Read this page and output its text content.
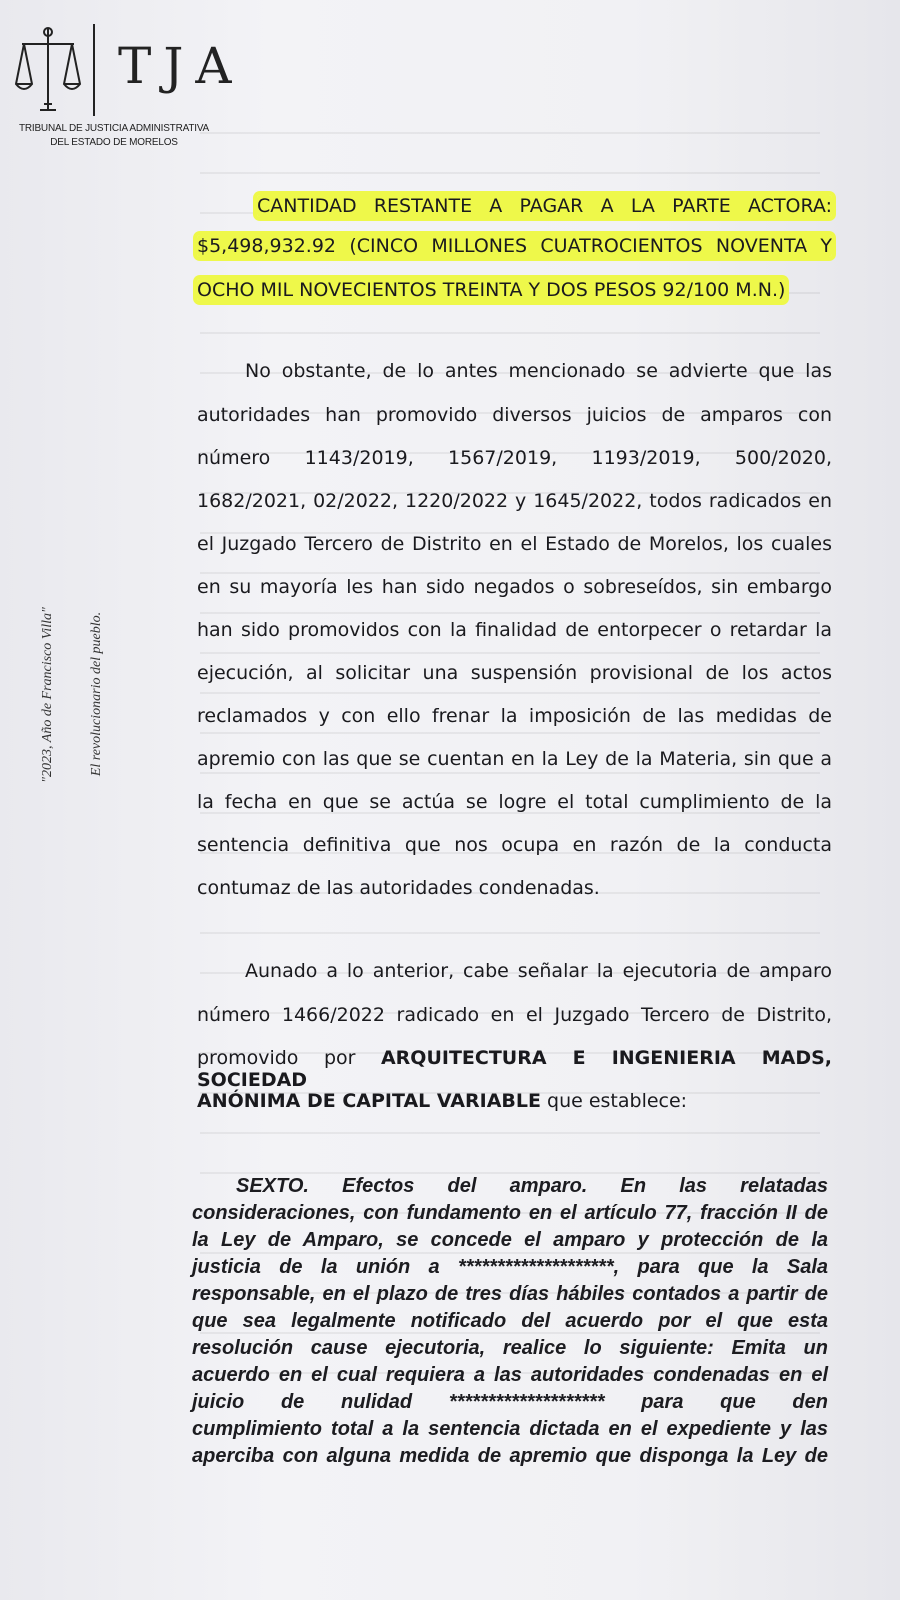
TJA
TRIBUNAL DE JUSTICIA ADMINISTRATIVA
DEL ESTADO DE MORELOS
"2023, Año de Francisco Villa" El revolucionario del pueblo.
CANTIDAD RESTANTE A PAGAR A LA PARTE ACTORA:
$5,498,932.92 (CINCO MILLONES CUATROCIENTOS NOVENTA Y
OCHO MIL NOVECIENTOS TREINTA Y DOS PESOS 92/100 M.N.)
No obstante, de lo antes mencionado se advierte que las
autoridades han promovido diversos juicios de amparos con
número 1143/2019, 1567/2019, 1193/2019, 500/2020,
1682/2021, 02/2022, 1220/2022 y 1645/2022, todos radicados en
el Juzgado Tercero de Distrito en el Estado de Morelos, los cuales
en su mayoría les han sido negados o sobreseídos, sin embargo
han sido promovidos con la finalidad de entorpecer o retardar la
ejecución, al solicitar una suspensión provisional de los actos
reclamados y con ello frenar la imposición de las medidas de
apremio con las que se cuentan en la Ley de la Materia, sin que a
la fecha en que se actúa se logre el total cumplimiento de la
sentencia definitiva que nos ocupa en razón de la conducta
contumaz de las autoridades condenadas.
Aunado a lo anterior, cabe señalar la ejecutoria de amparo
número 1466/2022 radicado en el Juzgado Tercero de Distrito,
promovido por ARQUITECTURA E INGENIERIA MADS, SOCIEDAD
ANÓNIMA DE CAPITAL VARIABLE que establece:
SEXTO. Efectos del amparo. En las relatadas
consideraciones, con fundamento en el artículo 77, fracción II de
la Ley de Amparo, se concede el amparo y protección de la
justicia de la unión a ********************, para que la Sala
responsable, en el plazo de tres días hábiles contados a partir de
que sea legalmente notificado del acuerdo por el que esta
resolución cause ejecutoria, realice lo siguiente: Emita un
acuerdo en el cual requiera a las autoridades condenadas en el
juicio de nulidad ******************** para que den
cumplimiento total a la sentencia dictada en el expediente y las
aperciba con alguna medida de apremio que disponga la Ley de
